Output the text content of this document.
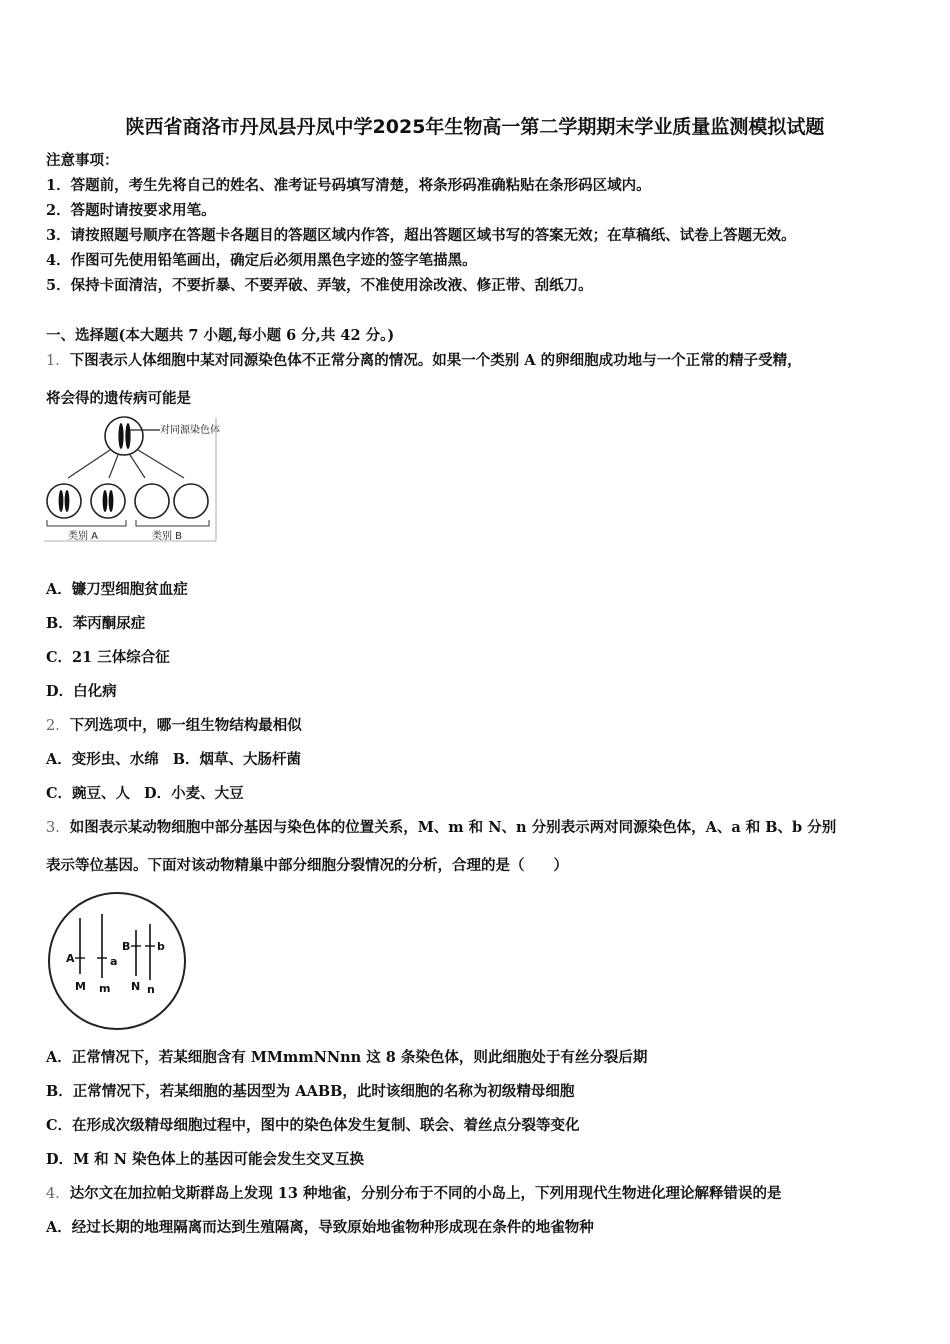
陕西省商洛市丹凤县丹凤中学2025年生物高一第二学期期末学业质量监测模拟试题
注意事项：
1．答题前，考生先将自己的姓名、准考证号码填写清楚，将条形码准确粘贴在条形码区域内。
2．答题时请按要求用笔。
3．请按照题号顺序在答题卡各题目的答题区域内作答，超出答题区域书写的答案无效；在草稿纸、试卷上答题无效。
4．作图可先使用铅笔画出，确定后必须用黑色字迹的签字笔描黑。
5．保持卡面清洁，不要折暴、不要弄破、弄皱，不准使用涂改液、修正带、刮纸刀。
一、选择题(本大题共 7 小题,每小题 6 分,共 42 分。)
1．下图表示人体细胞中某对同源染色体不正常分离的情况。如果一个类别 A 的卵细胞成功地与一个正常的精子受精，
将会得的遗传病可能是
对同源染色体
类别 A	类别 B
A．镰刀型细胞贫血症
B．苯丙酮尿症
C．21 三体综合征
D．白化病
2．下列选项中，哪一组生物结构最相似
A．变形虫、水绵 B．烟草、大肠杆菌
C．豌豆、人 D．小麦、大豆
3．如图表示某动物细胞中部分基因与染色体的位置关系，M、m 和 N、n 分别表示两对同源染色体，A、a 和 B、b 分别
表示等位基因。下面对该动物精巢中部分细胞分裂情况的分析，合理的是（　　）
A	a
B b
M m N n
A．正常情况下，若某细胞含有 MMmmNNnn 这 8 条染色体，则此细胞处于有丝分裂后期
B．正常情况下，若某细胞的基因型为 AABB，此时该细胞的名称为初级精母细胞
C．在形成次级精母细胞过程中，图中的染色体发生复制、联会、着丝点分裂等变化
D．M 和 N 染色体上的基因可能会发生交叉互换
4．达尔文在加拉帕戈斯群岛上发现 13 种地雀，分别分布于不同的小岛上，下列用现代生物进化理论解释错误的是
A．经过长期的地理隔离而达到生殖隔离，导致原始地雀物种形成现在条件的地雀物种
